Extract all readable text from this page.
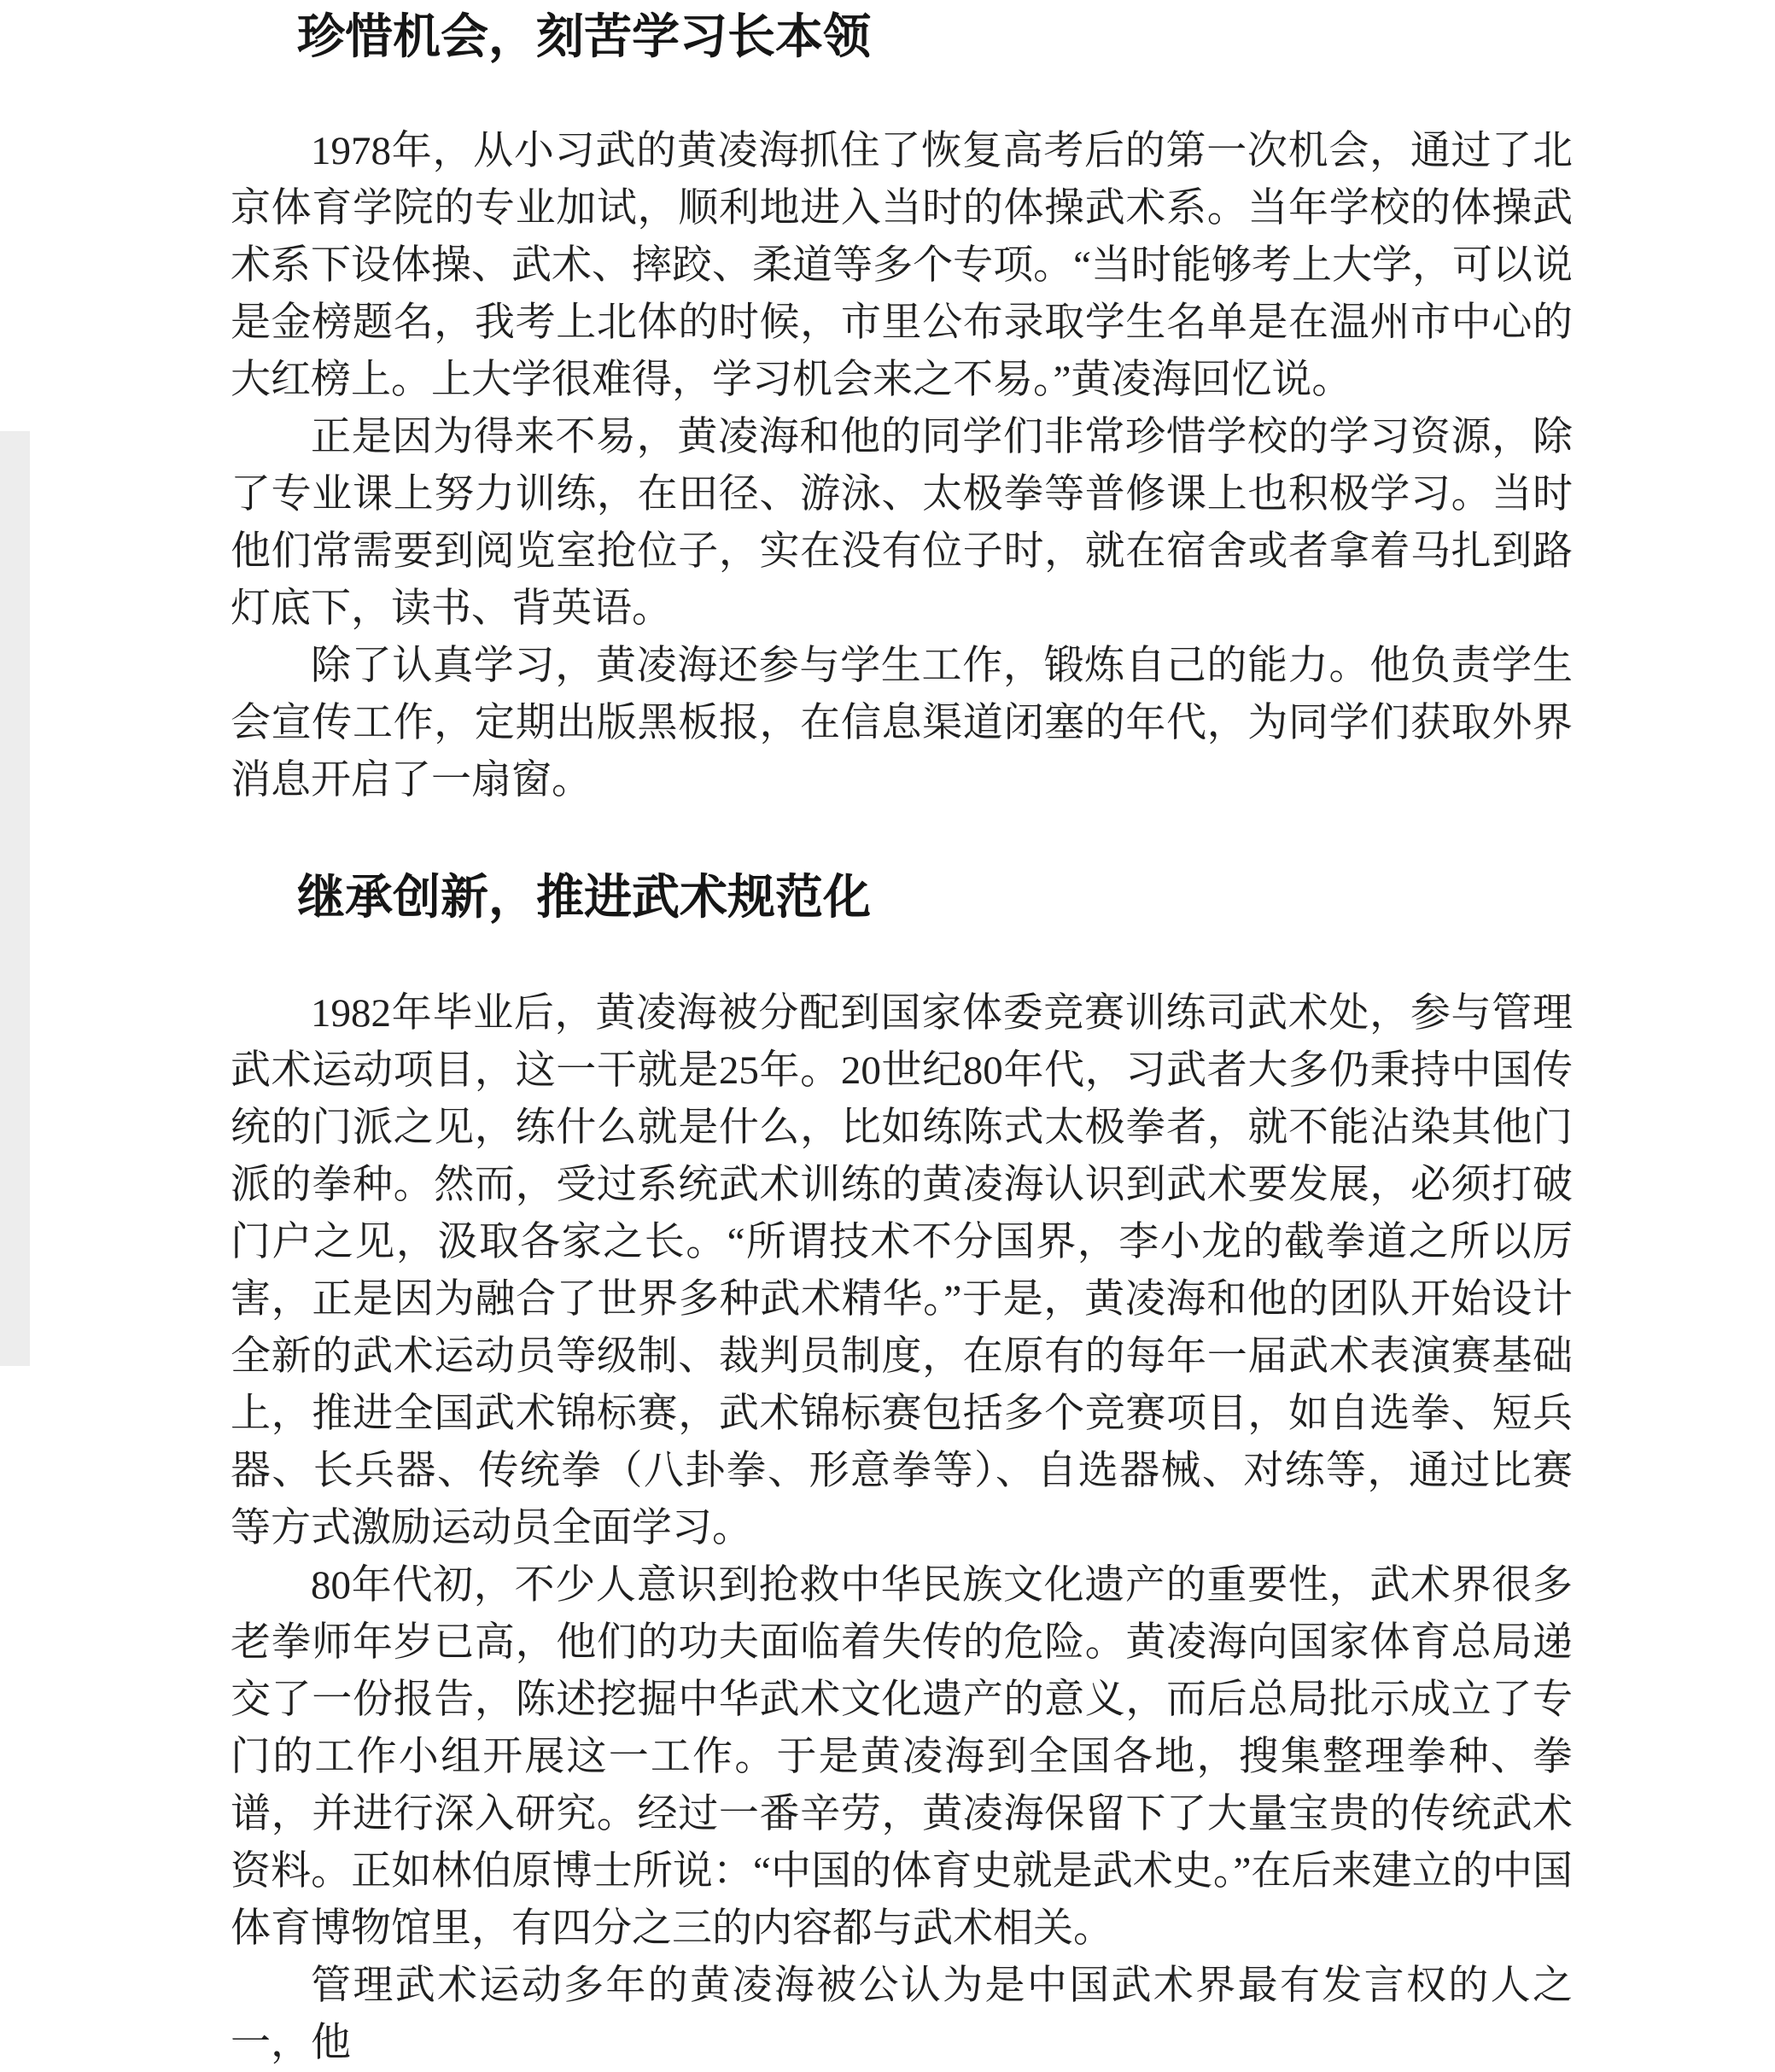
珍惜机会，刻苦学习长本领

1978年，从小习武的黄凌海抓住了恢复高考后的第一次机会，通过了北京体育学院的专业加试，顺利地进入当时的体操武术系。当年学校的体操武术系下设体操、武术、摔跤、柔道等多个专项。“当时能够考上大学，可以说是金榜题名，我考上北体的时候，市里公布录取学生名单是在温州市中心的大红榜上。上大学很难得，学习机会来之不易。”黄凌海回忆说。

正是因为得来不易，黄凌海和他的同学们非常珍惜学校的学习资源，除了专业课上努力训练，在田径、游泳、太极拳等普修课上也积极学习。当时他们常需要到阅览室抢位子，实在没有位子时，就在宿舍或者拿着马扎到路灯底下，读书、背英语。

除了认真学习，黄凌海还参与学生工作，锻炼自己的能力。他负责学生会宣传工作，定期出版黑板报，在信息渠道闭塞的年代，为同学们获取外界消息开启了一扇窗。

继承创新，推进武术规范化

1982年毕业后，黄凌海被分配到国家体委竞赛训练司武术处，参与管理武术运动项目，这一干就是25年。20世纪80年代，习武者大多仍秉持中国传统的门派之见，练什么就是什么，比如练陈式太极拳者，就不能沾染其他门派的拳种。然而，受过系统武术训练的黄凌海认识到武术要发展，必须打破门户之见，汲取各家之长。“所谓技术不分国界，李小龙的截拳道之所以厉害，正是因为融合了世界多种武术精华。”于是，黄凌海和他的团队开始设计全新的武术运动员等级制、裁判员制度，在原有的每年一届武术表演赛基础上，推进全国武术锦标赛，武术锦标赛包括多个竞赛项目，如自选拳、短兵器、长兵器、传统拳（八卦拳、形意拳等）、自选器械、对练等，通过比赛等方式激励运动员全面学习。

80年代初，不少人意识到抢救中华民族文化遗产的重要性，武术界很多老拳师年岁已高，他们的功夫面临着失传的危险。黄凌海向国家体育总局递交了一份报告，陈述挖掘中华武术文化遗产的意义，而后总局批示成立了专门的工作小组开展这一工作。于是黄凌海到全国各地，搜集整理拳种、拳谱，并进行深入研究。经过一番辛劳，黄凌海保留下了大量宝贵的传统武术资料。正如林伯原博士所说：“中国的体育史就是武术史。”在后来建立的中国体育博物馆里，有四分之三的内容都与武术相关。

管理武术运动多年的黄凌海被公认为是中国武术界最有发言权的人之一，他
